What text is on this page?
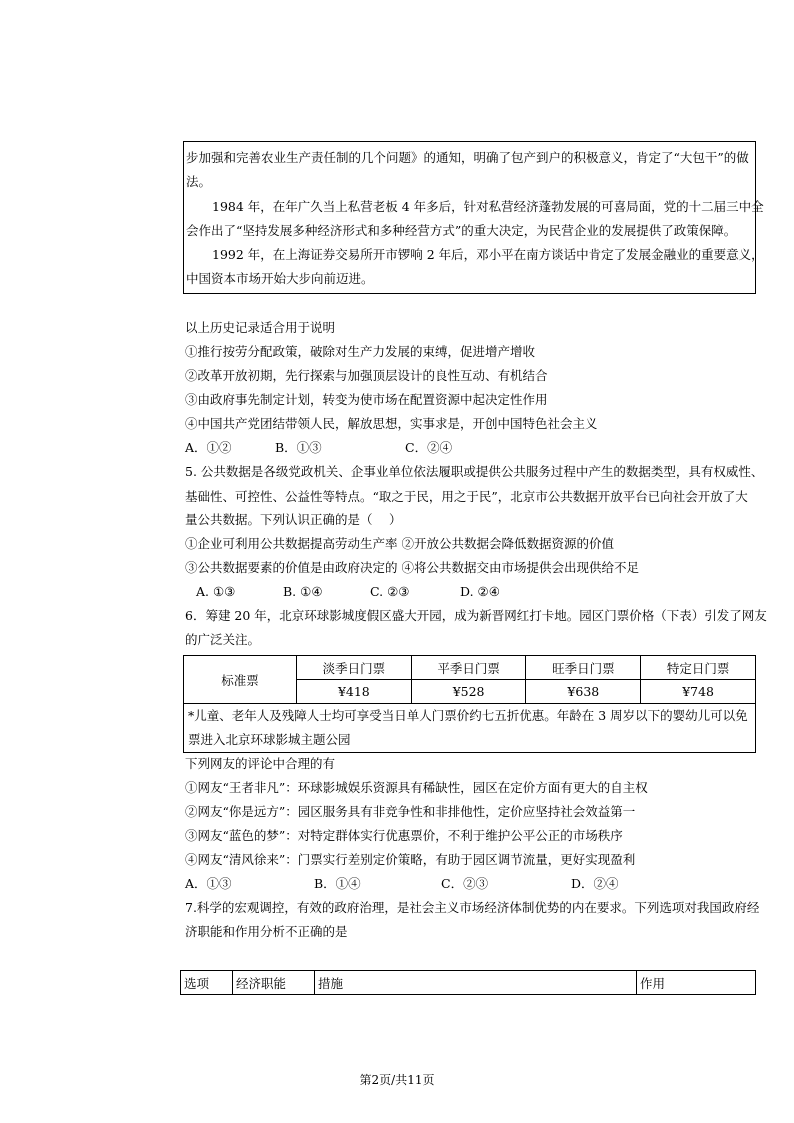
步加强和完善农业生产责任制的几个问题》的通知，明确了包产到户的积极意义，肯定了“大包干”的做
法。
1984 年，在年广久当上私营老板 4 年多后，针对私营经济蓬勃发展的可喜局面，党的十二届三中全
会作出了“坚持发展多种经济形式和多种经营方式”的重大决定，为民营企业的发展提供了政策保障。
1992 年，在上海证券交易所开市锣响 2 年后，邓小平在南方谈话中肯定了发展金融业的重要意义，
中国资本市场开始大步向前迈进。
以上历史记录适合用于说明
①推行按劳分配政策，破除对生产力发展的束缚，促进增产增收
②改革开放初期，先行探索与加强顶层设计的良性互动、有机结合
③由政府事先制定计划，转变为使市场在配置资源中起决定性作用
④中国共产党团结带领人民，解放思想，实事求是，开创中国特色社会主义
A．①②	B．①③	C．②④
5. 公共数据是各级党政机关、企事业单位依法履职或提供公共服务过程中产生的数据类型，具有权威性、
基础性、可控性、公益性等特点。“取之于民，用之于民”，北京市公共数据开放平台已向社会开放了大
量公共数据。下列认识正确的是（　 ）
①企业可利用公共数据提高劳动生产率 ②开放公共数据会降低数据资源的价值
③公共数据要素的价值是由政府决定的 ④将公共数据交由市场提供会出现供给不足
A. ①③	B. ①④	C. ②③	D. ②④
6．筹建 20 年，北京环球影城度假区盛大开园，成为新晋网红打卡地。园区门票价格（下表）引发了网友
的广泛关注。
标准票	淡季日门票	平季日门票	旺季日门票	特定日门票
	¥418	¥528	¥638	¥748

*儿童、老年人及残障人士均可享受当日单人门票价约七五折优惠。年龄在 3 周岁以下的婴幼儿可以免
票进入北京环球影城主题公园				
下列网友的评论中合理的有
①网友“王者非凡”：环球影城娱乐资源具有稀缺性，园区在定价方面有更大的自主权
②网友“你是远方”：园区服务具有非竞争性和非排他性，定价应坚持社会效益第一
③网友“蓝色的梦”：对特定群体实行优惠票价，不利于维护公平公正的市场秩序
④网友“清风徐来”：门票实行差别定价策略，有助于园区调节流量，更好实现盈利
A．①③	B．①④	C．②③	D．②④
7.科学的宏观调控，有效的政府治理，是社会主义市场经济体制优势的内在要求。下列选项对我国政府经
济职能和作用分析不正确的是
选项	经济职能	措施	作用
第2页/共11页
